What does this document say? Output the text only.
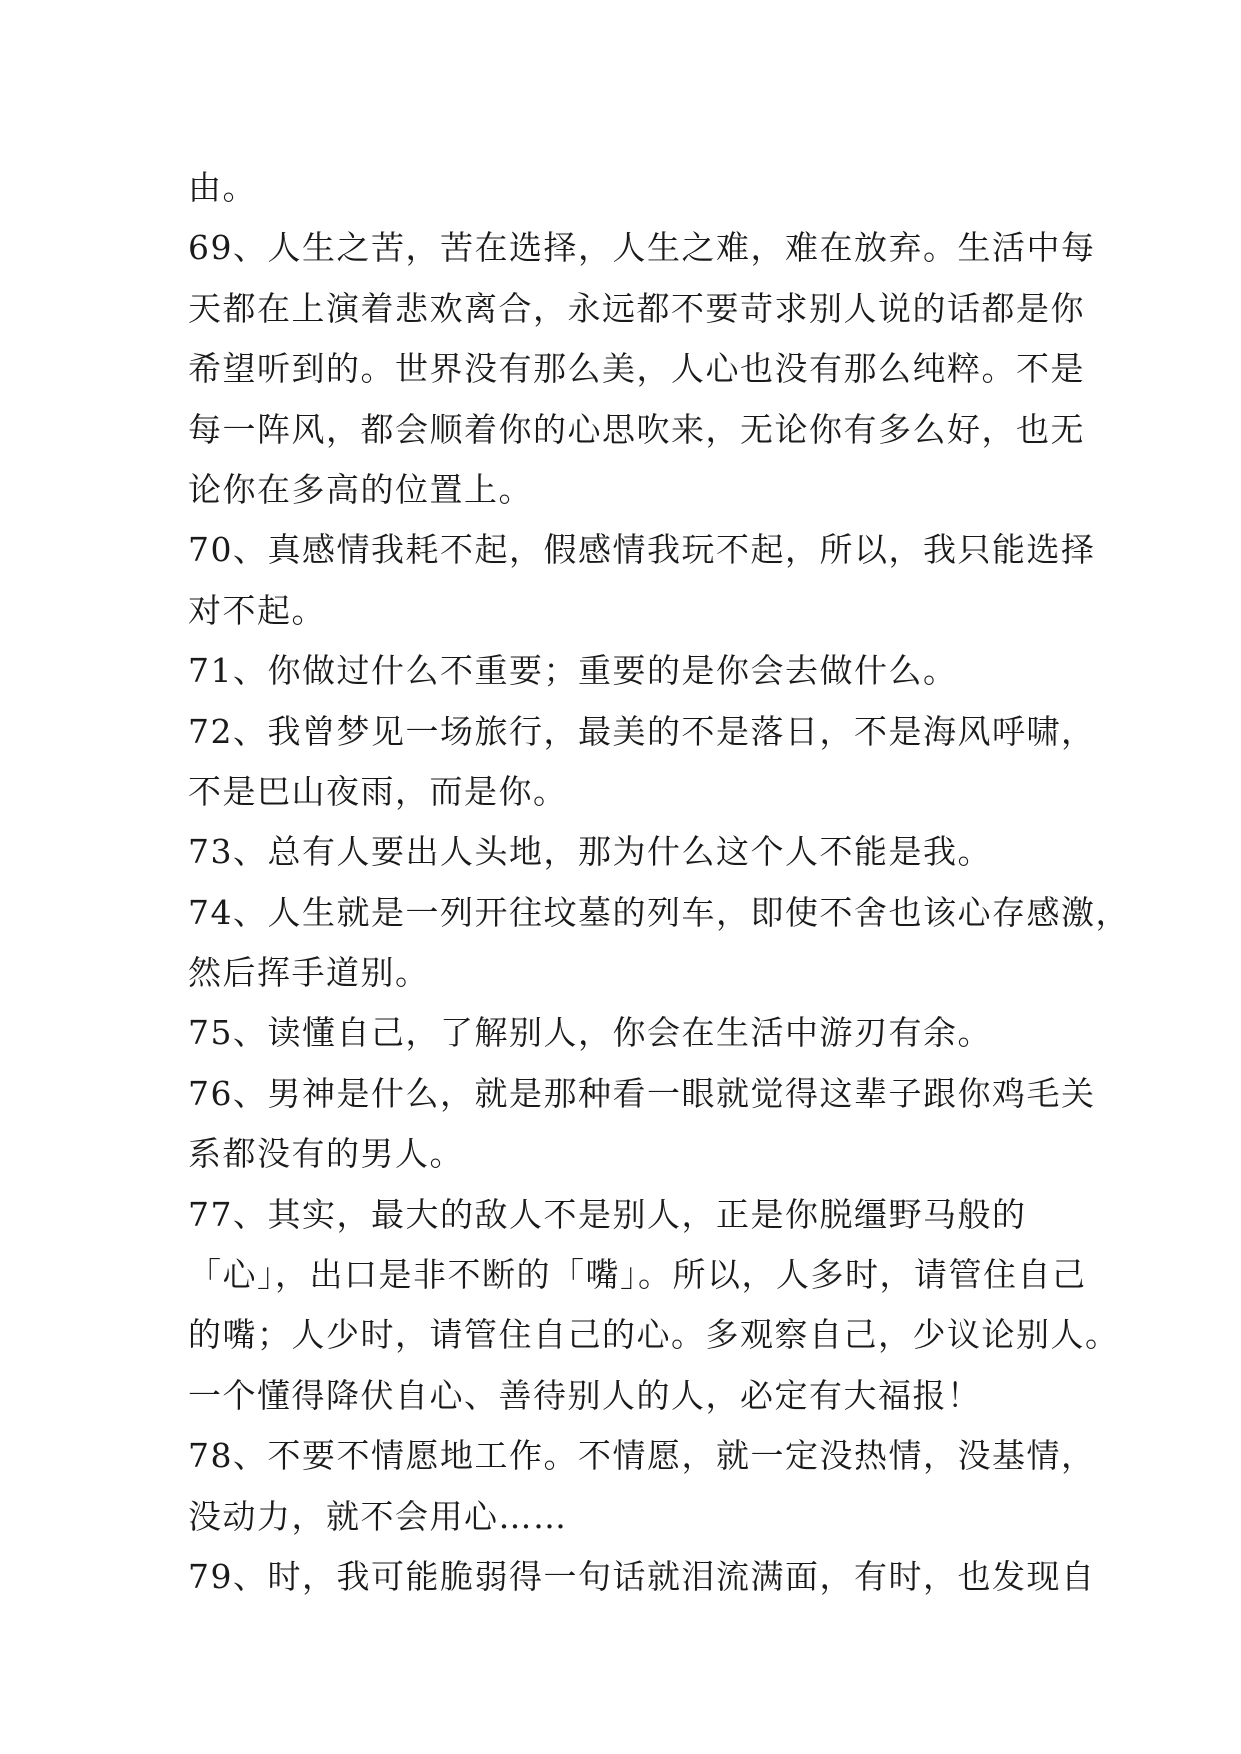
由。
69、人生之苦，苦在选择，人生之难，难在放弃。生活中每
天都在上演着悲欢离合，永远都不要苛求别人说的话都是你
希望听到的。世界没有那么美，人心也没有那么纯粹。不是
每一阵风，都会顺着你的心思吹来，无论你有多么好，也无
论你在多高的位置上。
70、真感情我耗不起，假感情我玩不起，所以，我只能选择
对不起。
71、你做过什么不重要；重要的是你会去做什么。
72、我曾梦见一场旅行，最美的不是落日，不是海风呼啸，
不是巴山夜雨，而是你。
73、总有人要出人头地，那为什么这个人不能是我。
74、人生就是一列开往坟墓的列车，即使不舍也该心存感激，
然后挥手道别。
75、读懂自己，了解别人，你会在生活中游刃有余。
76、男神是什么，就是那种看一眼就觉得这辈子跟你鸡毛关
系都没有的男人。
77、其实，最大的敌人不是别人，正是你脱缰野马般的
「心」，出口是非不断的「嘴」。所以，人多时，请管住自己
的嘴；人少时，请管住自己的心。多观察自己，少议论别人。
一个懂得降伏自心、善待别人的人，必定有大福报！
78、不要不情愿地工作。不情愿，就一定没热情，没基情，
没动力，就不会用心……
79、时，我可能脆弱得一句话就泪流满面，有时，也发现自
